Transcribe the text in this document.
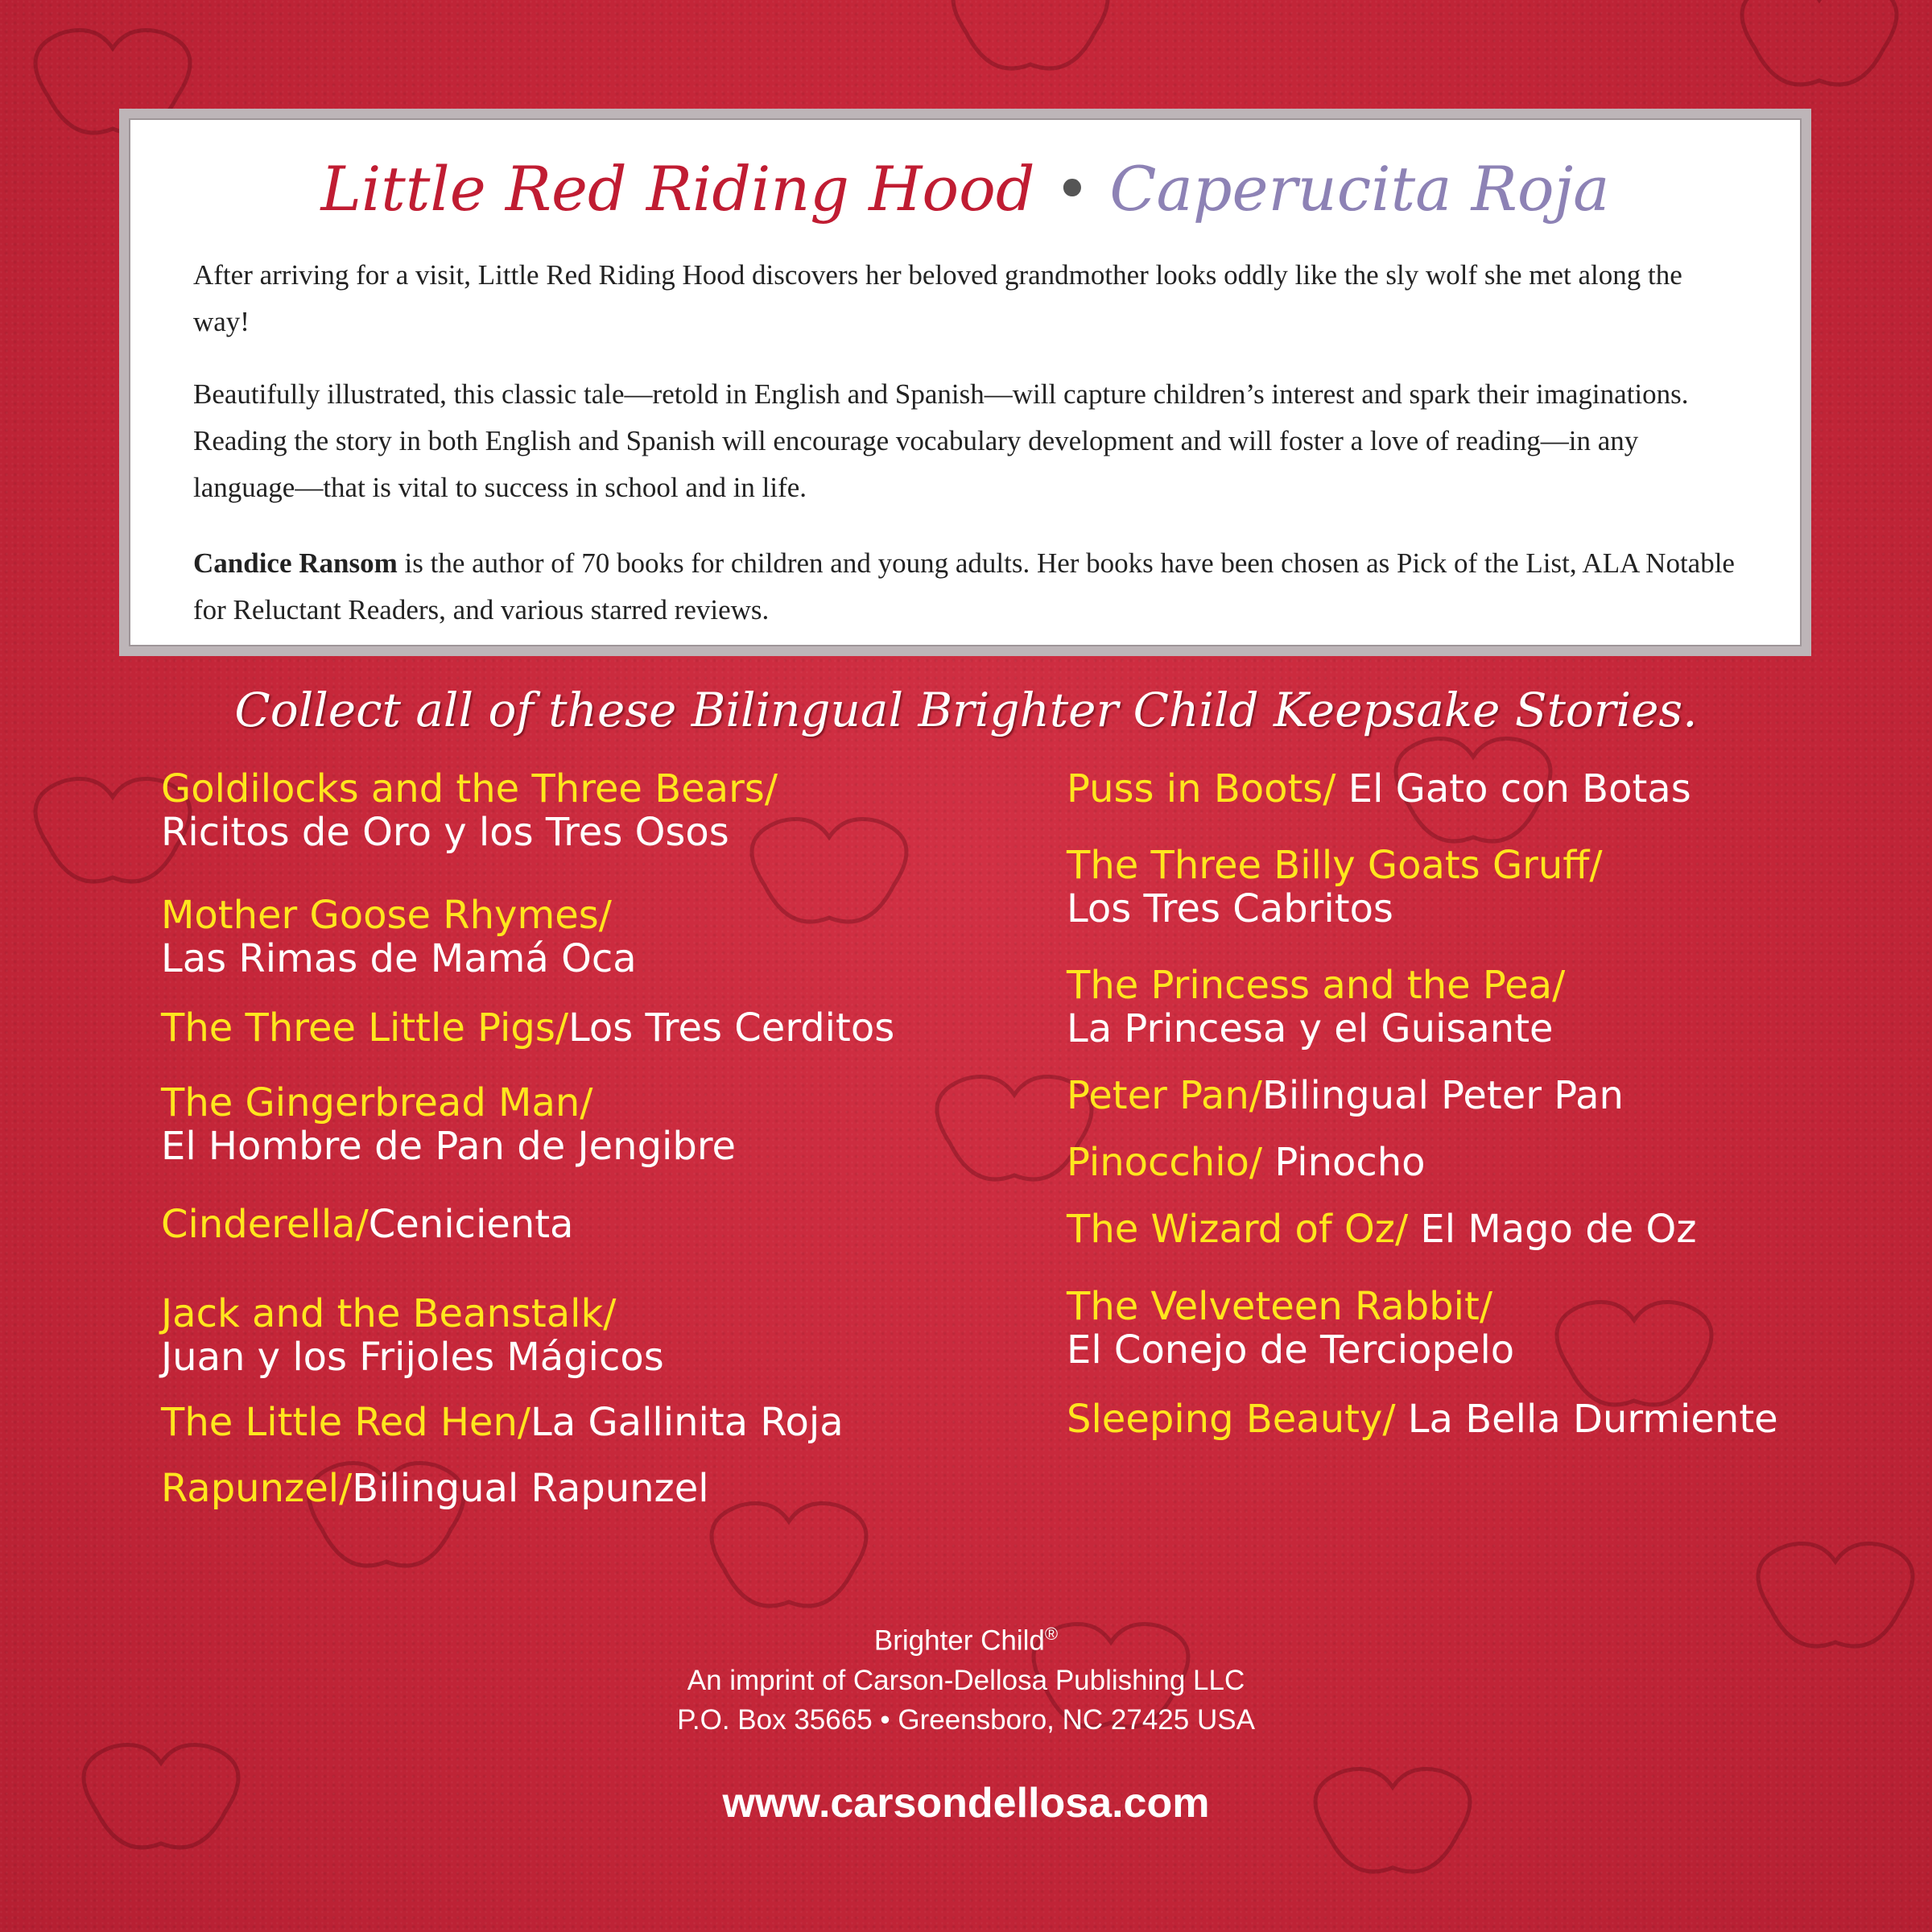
Little Red Riding Hood • Caperucita Roja

After arriving for a visit, Little Red Riding Hood discovers her beloved grandmother looks oddly like the sly wolf she met along the way!

Beautifully illustrated, this classic tale—retold in English and Spanish—will capture children’s interest and spark their imaginations. Reading the story in both English and Spanish will encourage vocabulary development and will foster a love of reading—in any language—that is vital to success in school and in life.

Candice Ransom is the author of 70 books for children and young adults. Her books have been chosen as Pick of the List, ALA Notable for Reluctant Readers, and various starred reviews.

Collect all of these Bilingual Brighter Child Keepsake Stories.
Goldilocks and the Three Bears/
Ricitos de Oro y los Tres Osos
Mother Goose Rhymes/
Las Rimas de Mamá Oca
The Three Little Pigs/Los Tres Cerditos
The Gingerbread Man/
El Hombre de Pan de Jengibre
Cinderella/Cenicienta
Jack and the Beanstalk/
Juan y los Frijoles Mágicos
The Little Red Hen/La Gallinita Roja
Rapunzel/Bilingual Rapunzel
Puss in Boots/ El Gato con Botas
The Three Billy Goats Gruff/
Los Tres Cabritos
The Princess and the Pea/
La Princesa y el Guisante
Peter Pan/Bilingual Peter Pan
Pinocchio/ Pinocho
The Wizard of Oz/ El Mago de Oz
The Velveteen Rabbit/
El Conejo de Terciopelo
Sleeping Beauty/ La Bella Durmiente
Brighter Child®
An imprint of Carson-Dellosa Publishing LLC
P.O. Box 35665 • Greensboro, NC 27425 USA
www.carsondellosa.com
